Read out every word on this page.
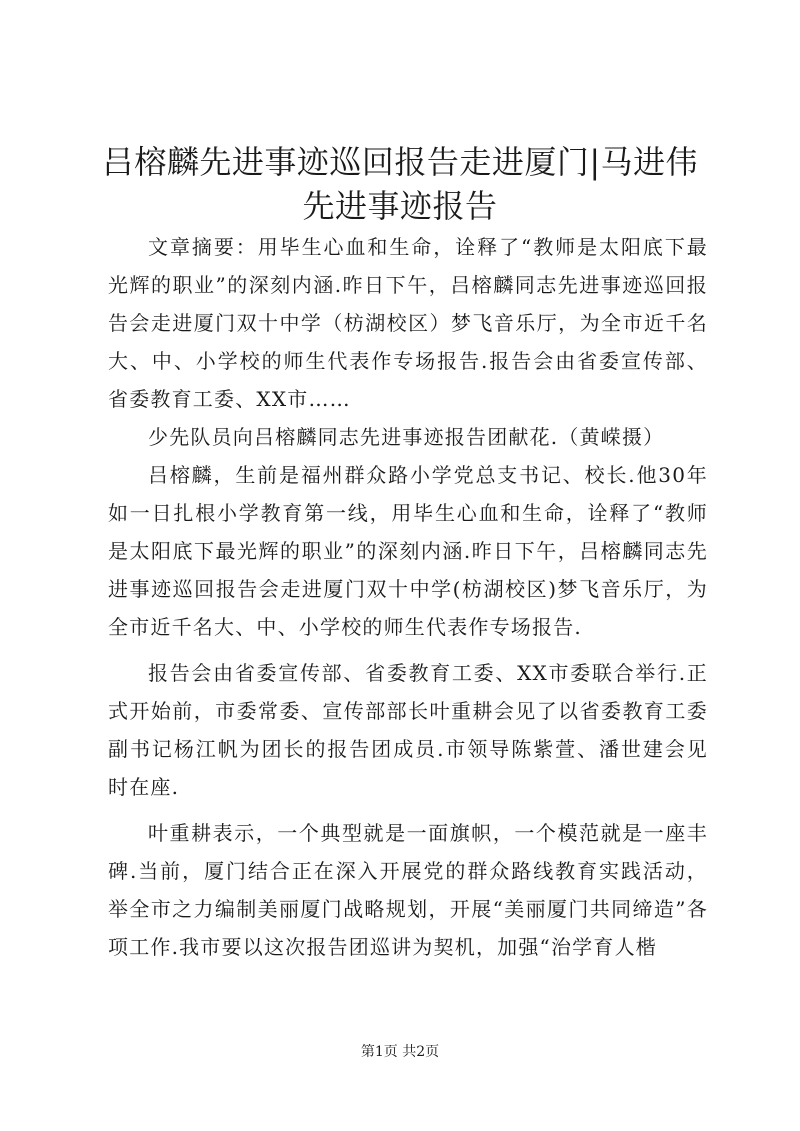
吕榕麟先进事迹巡回报告走进厦门|马进伟先进事迹报告

文章摘要：用毕生心血和生命，诠释了“教师是太阳底下最光辉的职业”的深刻内涵.昨日下午，吕榕麟同志先进事迹巡回报告会走进厦门双十中学（枋湖校区）梦飞音乐厅，为全市近千名大、中、小学校的师生代表作专场报告.报告会由省委宣传部、省委教育工委、XX市……

少先队员向吕榕麟同志先进事迹报告团献花.（黄嵘摄）

吕榕麟，生前是福州群众路小学党总支书记、校长.他30年如一日扎根小学教育第一线，用毕生心血和生命，诠释了“教师是太阳底下最光辉的职业”的深刻内涵.昨日下午，吕榕麟同志先进事迹巡回报告会走进厦门双十中学(枋湖校区)梦飞音乐厅，为全市近千名大、中、小学校的师生代表作专场报告.

报告会由省委宣传部、省委教育工委、XX市委联合举行.正式开始前，市委常委、宣传部部长叶重耕会见了以省委教育工委副书记杨江帆为团长的报告团成员.市领导陈紫萱、潘世建会见时在座.

叶重耕表示，一个典型就是一面旗帜，一个模范就是一座丰碑.当前，厦门结合正在深入开展党的群众路线教育实践活动，举全市之力编制美丽厦门战略规划，开展“美丽厦门共同缔造”各项工作.我市要以这次报告团巡讲为契机，加强“治学育人楷

第1页 共2页
